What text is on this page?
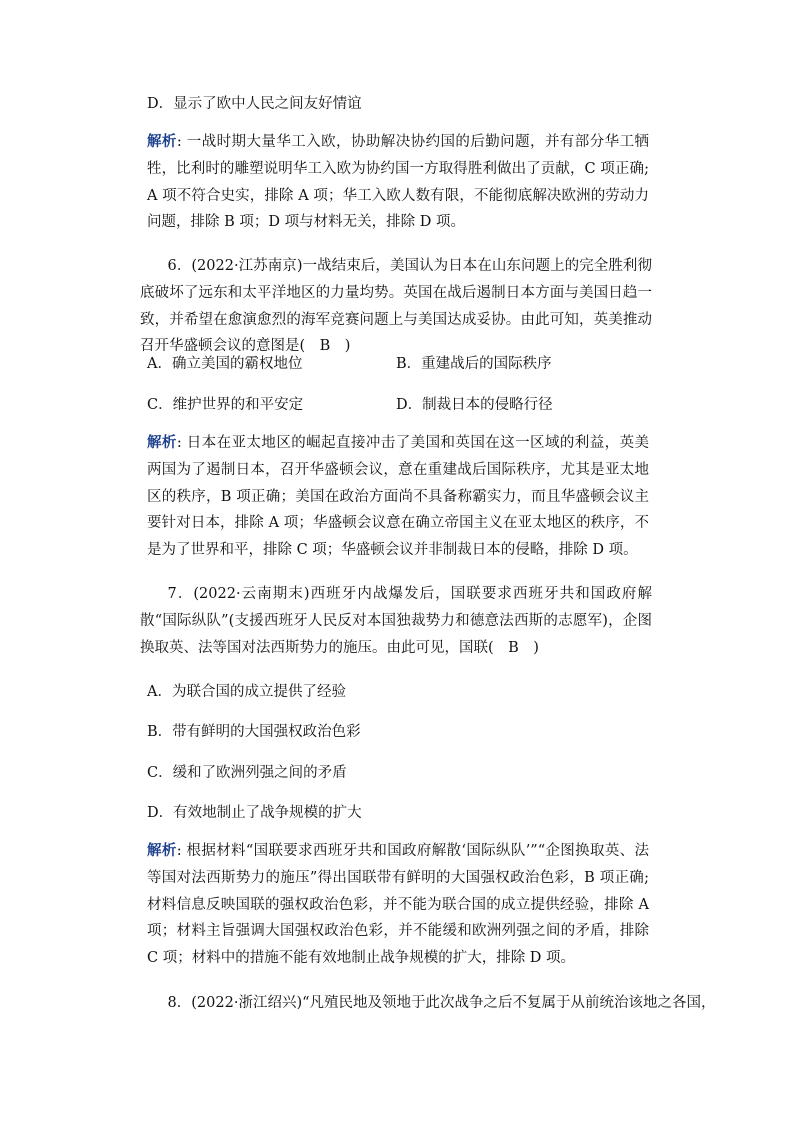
D．显示了欧中人民之间友好情谊
解析: 一战时期大量华工入欧，协助解决协约国的后勤问题，并有部分华工牺牲，比利时的雕塑说明华工入欧为协约国一方取得胜利做出了贡献，C 项正确; A 项不符合史实，排除 A 项；华工入欧人数有限，不能彻底解决欧洲的劳动力问题，排除 B 项；D 项与材料无关，排除 D 项。
6．(2022·江苏南京)一战结束后，美国认为日本在山东问题上的完全胜利彻底破坏了远东和太平洋地区的力量均势。英国在战后遏制日本方面与美国日趋一致，并希望在愈演愈烈的海军竞赛问题上与美国达成妥协。由此可知，英美推动召开华盛顿会议的意图是(　B　)
A．确立美国的霸权地位	B．重建战后的国际秩序
C．维护世界的和平安定	D．制裁日本的侵略行径
解析: 日本在亚太地区的崛起直接冲击了美国和英国在这一区域的利益，英美两国为了遏制日本，召开华盛顿会议，意在重建战后国际秩序，尤其是亚太地区的秩序，B 项正确；美国在政治方面尚不具备称霸实力，而且华盛顿会议主要针对日本，排除 A 项；华盛顿会议意在确立帝国主义在亚太地区的秩序，不是为了世界和平，排除 C 项；华盛顿会议并非制裁日本的侵略，排除 D 项。
7．(2022·云南期末)西班牙内战爆发后，国联要求西班牙共和国政府解散“国际纵队”(支援西班牙人民反对本国独裁势力和德意法西斯的志愿军)，企图换取英、法等国对法西斯势力的施压。由此可见，国联(　B　)
A．为联合国的成立提供了经验
B．带有鲜明的大国强权政治色彩
C．缓和了欧洲列强之间的矛盾
D．有效地制止了战争规模的扩大
解析: 根据材料“国联要求西班牙共和国政府解散‘国际纵队’”“企图换取英、法等国对法西斯势力的施压”得出国联带有鲜明的大国强权政治色彩，B 项正确; 材料信息反映国联的强权政治色彩，并不能为联合国的成立提供经验，排除 A 项；材料主旨强调大国强权政治色彩，并不能缓和欧洲列强之间的矛盾，排除 C 项；材料中的措施不能有效地制止战争规模的扩大，排除 D 项。
8．(2022·浙江绍兴)“凡殖民地及领地于此次战争之后不复属于从前统治该地之各国，
